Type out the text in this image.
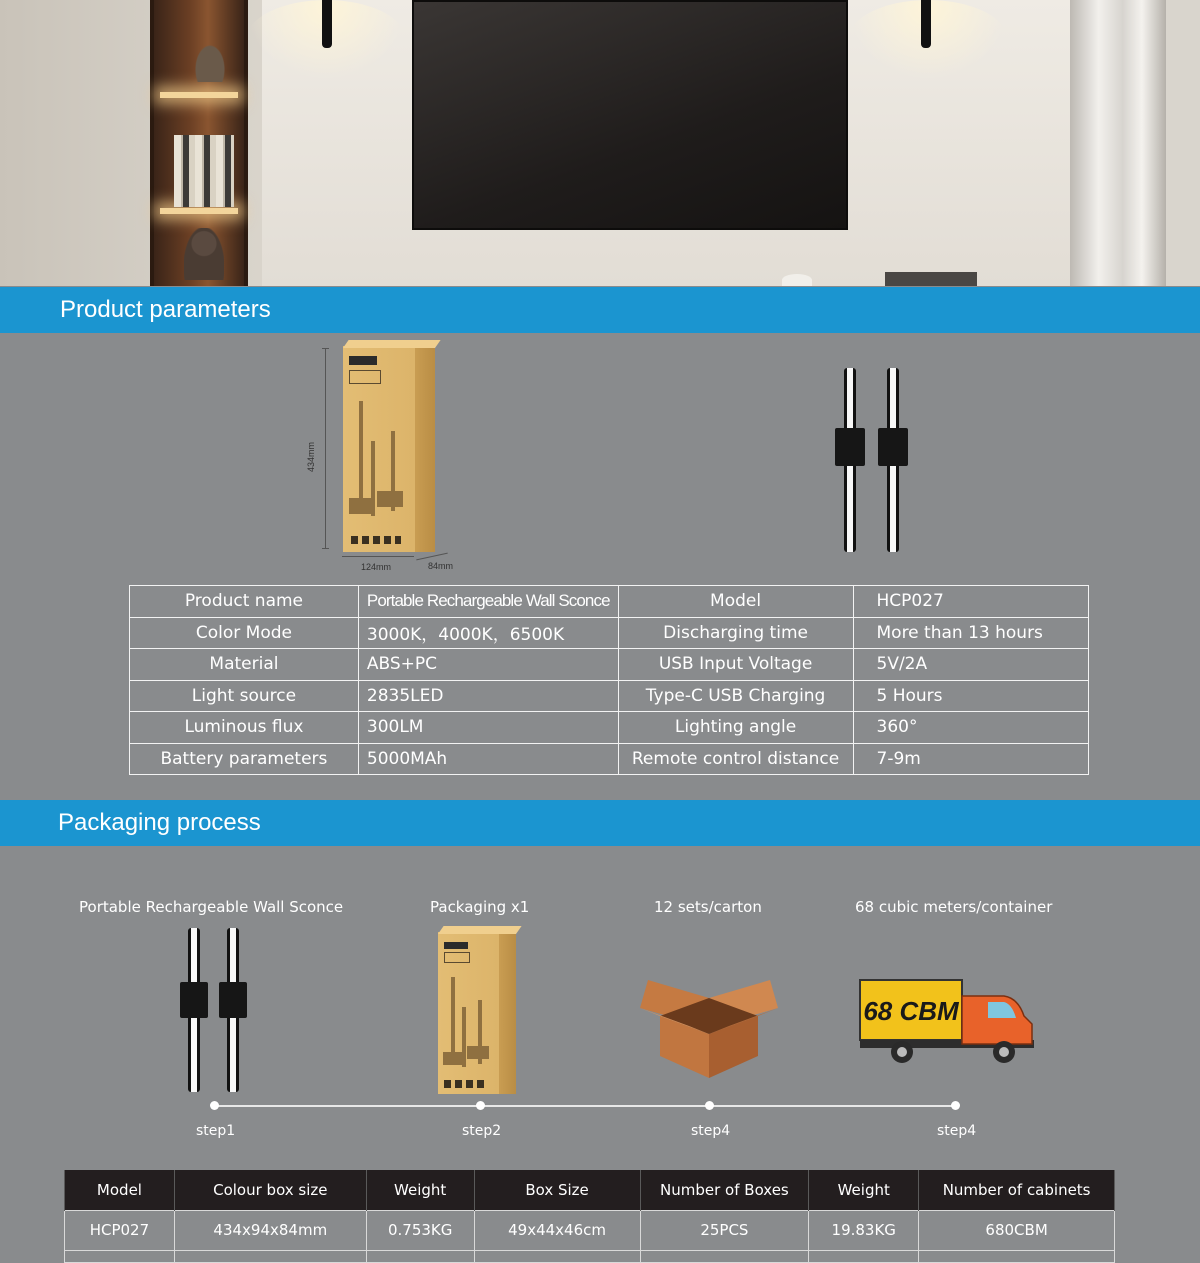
Product parameters
434mm
124mm	84mm
Product name	Portable Rechargeable Wall Sconce	Model	HCP027
Color Mode	3000K，4000K，6500K	Discharging time	More than 13 hours
Material	ABS+PC	USB Input Voltage	5V/2A
Light source	2835LED	Type-C USB Charging	5 Hours
Luminous flux	300LM	Lighting angle	360°
Battery parameters	5000MAh	Remote control distance	7-9m
Packaging process
Portable Rechargeable Wall Sconce	Packaging x1	12 sets/carton	68 cubic meters/container
68 CBM
step1	step2	step4	step4
Model	Colour box size	Weight	Box Size	Number of Boxes	Weight	Number of cabinets
HCP027	434x94x84mm	0.753KG	49x44x46cm	25PCS	19.83KG	680CBM
